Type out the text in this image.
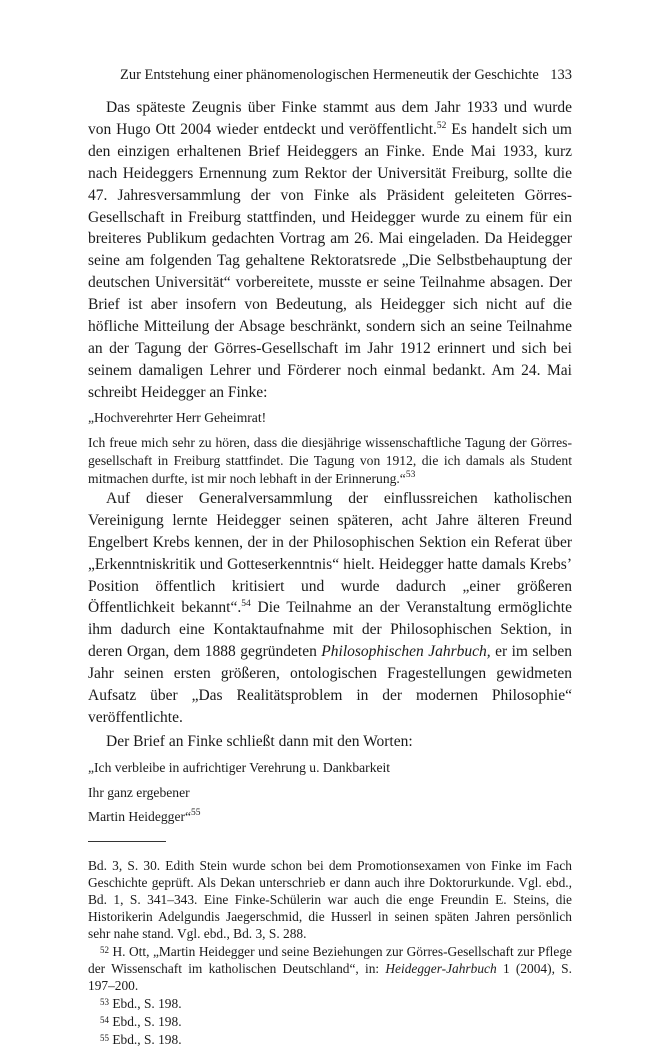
Zur Entstehung einer phänomenologischen Hermeneutik der Geschichte 133

Das späteste Zeugnis über Finke stammt aus dem Jahr 1933 und wurde von Hugo Ott 2004 wieder entdeckt und veröffentlicht.$^{52}$ Es handelt sich um den einzigen erhaltenen Brief Heideggers an Finke. Ende Mai 1933, kurz nach Heideggers Ernennung zum Rektor der Universität Freiburg, sollte die 47. Jahresversammlung der von Finke als Präsident geleiteten Görres-Gesellschaft in Freiburg stattfinden, und Heidegger wurde zu einem für ein breiteres Publikum gedachten Vortrag am 26. Mai eingeladen. Da Heidegger seine am folgenden Tag gehaltene Rektoratsrede „Die Selbstbehauptung der deutschen Universität“ vorbereitete, musste er seine Teilnahme absagen. Der Brief ist aber insofern von Bedeutung, als Heidegger sich nicht auf die höfliche Mitteilung der Absage beschränkt, sondern sich an seine Teilnahme an der Tagung der Görres-Gesellschaft im Jahr 1912 erinnert und sich bei seinem damaligen Lehrer und Förderer noch einmal bedankt. Am 24. Mai schreibt Heidegger an Finke:

„Hochverehrter Herr Geheimrat!

Ich freue mich sehr zu hören, dass die diesjährige wissenschaftliche Tagung der Görres-gesellschaft in Freiburg stattfindet. Die Tagung von 1912, die ich damals als Student mitmachen durfte, ist mir noch lebhaft in der Erinnerung.“$^{53}$

Auf dieser Generalversammlung der einflussreichen katholischen Vereinigung lernte Heidegger seinen späteren, acht Jahre älteren Freund Engelbert Krebs kennen, der in der Philosophischen Sektion ein Referat über „Erkenntniskritik und Gotteserkenntnis“ hielt. Heidegger hatte damals Krebs’ Position öffentlich kritisiert und wurde dadurch „einer größeren Öffentlichkeit bekannt“.$^{54}$ Die Teilnahme an der Veranstaltung ermöglichte ihm dadurch eine Kontaktaufnahme mit der Philosophischen Sektion, in deren Organ, dem 1888 gegründeten Philosophischen Jahrbuch, er im selben Jahr seinen ersten größeren, ontologischen Fragestellungen gewidmeten Aufsatz über „Das Realitätsproblem in der modernen Philosophie“ veröffentlichte.

Der Brief an Finke schließt dann mit den Worten:

„Ich verbleibe in aufrichtiger Verehrung u. Dankbarkeit

Ihr ganz ergebener

Martin Heidegger“$^{55}$

Bd. 3, S. 30. Edith Stein wurde schon bei dem Promotionsexamen von Finke im Fach Geschichte geprüft. Als Dekan unterschrieb er dann auch ihre Doktorurkunde. Vgl. ebd., Bd. 1, S. 341–343. Eine Finke-Schülerin war auch die enge Freundin E. Steins, die Historikerin Adelgundis Jaegerschmid, die Husserl in seinen späten Jahren persönlich sehr nahe stand. Vgl. ebd., Bd. 3, S. 288.

$^{52}$ H. Ott, „Martin Heidegger und seine Beziehungen zur Görres-Gesellschaft zur Pflege der Wissenschaft im katholischen Deutschland“, in: Heidegger-Jahrbuch 1 (2004), S. 197–200.

$^{53}$ Ebd., S. 198.

$^{54}$ Ebd., S. 198.

$^{55}$ Ebd., S. 198.
